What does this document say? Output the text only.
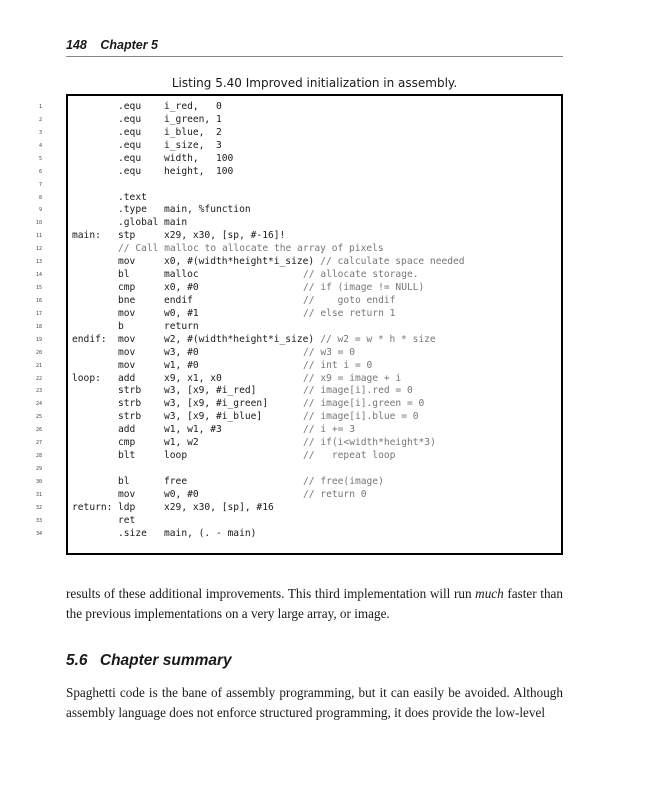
148 Chapter 5
Listing 5.40 Improved initialization in assembly.
1	.equ i_red,   0
2	.equ i_green, 1
3	.equ i_blue,  2
4	.equ i_size,  3
5	.equ width,   100
6	.equ height,  100
7
8	.text
9	.type main, %function
10	.global main
11	main: stp	x29, x30, [sp, #-16]!
12	// Call malloc to allocate the array of pixels
13	mov	x0, #(width*height*i_size) // calculate space needed
14	bl	malloc	// allocate storage.
15	cmp	x0, #0	// if (image != NULL)
16	bne	endif	//    goto endif
17	mov	w0, #1	// else return 1
18	b	return
19	endif: mov	w2, #(width*height*i_size) // w2 = w * h * size
20	mov	w3, #0	// w3 = 0
21	mov	w1, #0	// int i = 0
22	loop: add	x9, x1, x0	// x9 = image + i
23	strb w3, [x9, #i_red]	// image[i].red = 0
24	strb w3, [x9, #i_green]	// image[i].green = 0
25	strb w3, [x9, #i_blue]	// image[i].blue = 0
26	add	w1, w1, #3	// i += 3
27	cmp	w1, w2	// if(i<width*height*3)
28	blt	loop	//   repeat loop
29
30	bl	free	// free(image)
31	mov	w0, #0	// return 0
32	return: ldp	x29, x30, [sp], #16
33	ret
34	.size main, (. - main)
results of these additional improvements. This third implementation will run much faster than the previous implementations on a very large array, or image.
5.6 Chapter summary
Spaghetti code is the bane of assembly programming, but it can easily be avoided. Although assembly language does not enforce structured programming, it does provide the low-level
